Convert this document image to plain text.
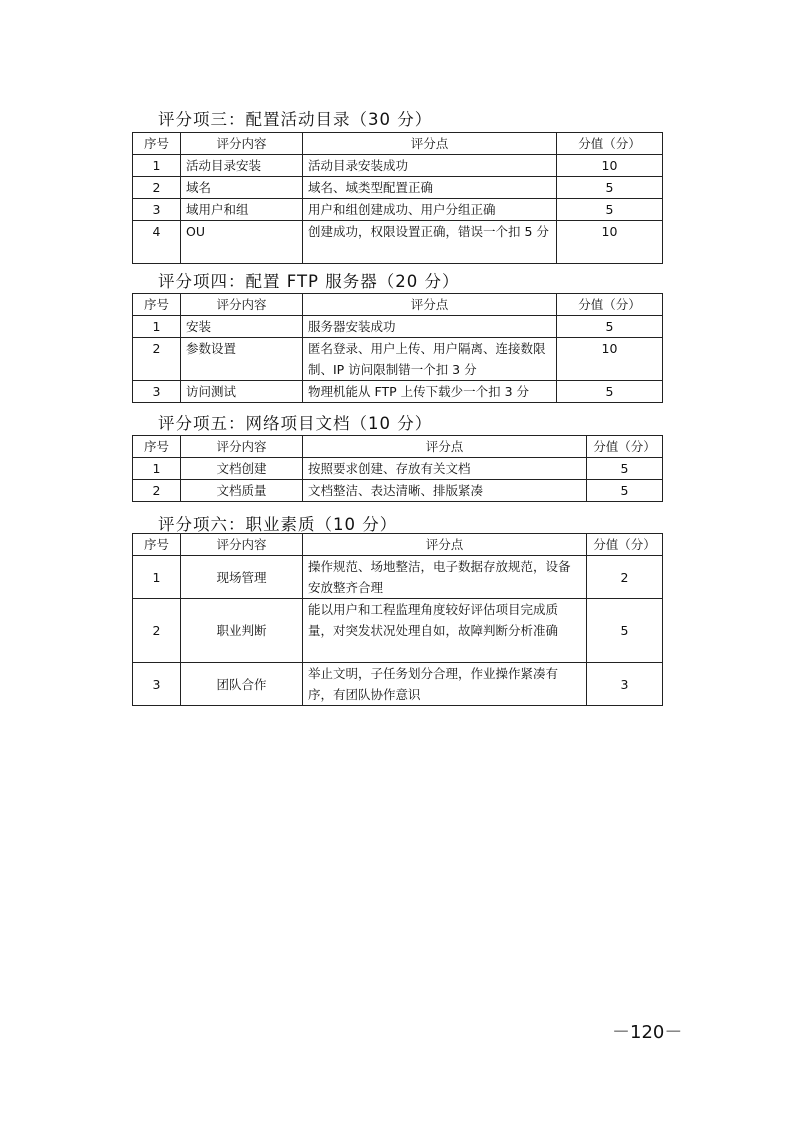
评分项三：配置活动目录（30 分）
序号	评分内容	评分点	分值（分）
1	活动目录安装	活动目录安装成功	10
2	域名	域名、域类型配置正确	5
3	域用户和组	用户和组创建成功、用户分组正确	5
4	OU	创建成功，权限设置正确，错误一个扣 5 分	10
评分项四：配置 FTP 服务器（20 分）
序号	评分内容	评分点	分值（分）
1	安装	服务器安装成功	5
2	参数设置	匿名登录、用户上传、用户隔离、连接数限制、IP 访问限制错一个扣 3 分	10
3	访问测试	物理机能从 FTP 上传下载少一个扣 3 分	5
评分项五：网络项目文档（10 分）
序号	评分内容	评分点	分值（分）
1	文档创建	按照要求创建、存放有关文档	5
2	文档质量	文档整洁、表达清晰、排版紧凑	5
评分项六：职业素质（10 分）
序号	评分内容	评分点	分值（分）
1	现场管理	操作规范、场地整洁，电子数据存放规范，设备安放整齐合理	2
2	职业判断	能以用户和工程监理角度较好评估项目完成质量，对突发状况处理自如，故障判断分析准确	5
3	团队合作	举止文明，子任务划分合理，作业操作紧凑有序，有团队协作意识	3
－120－
